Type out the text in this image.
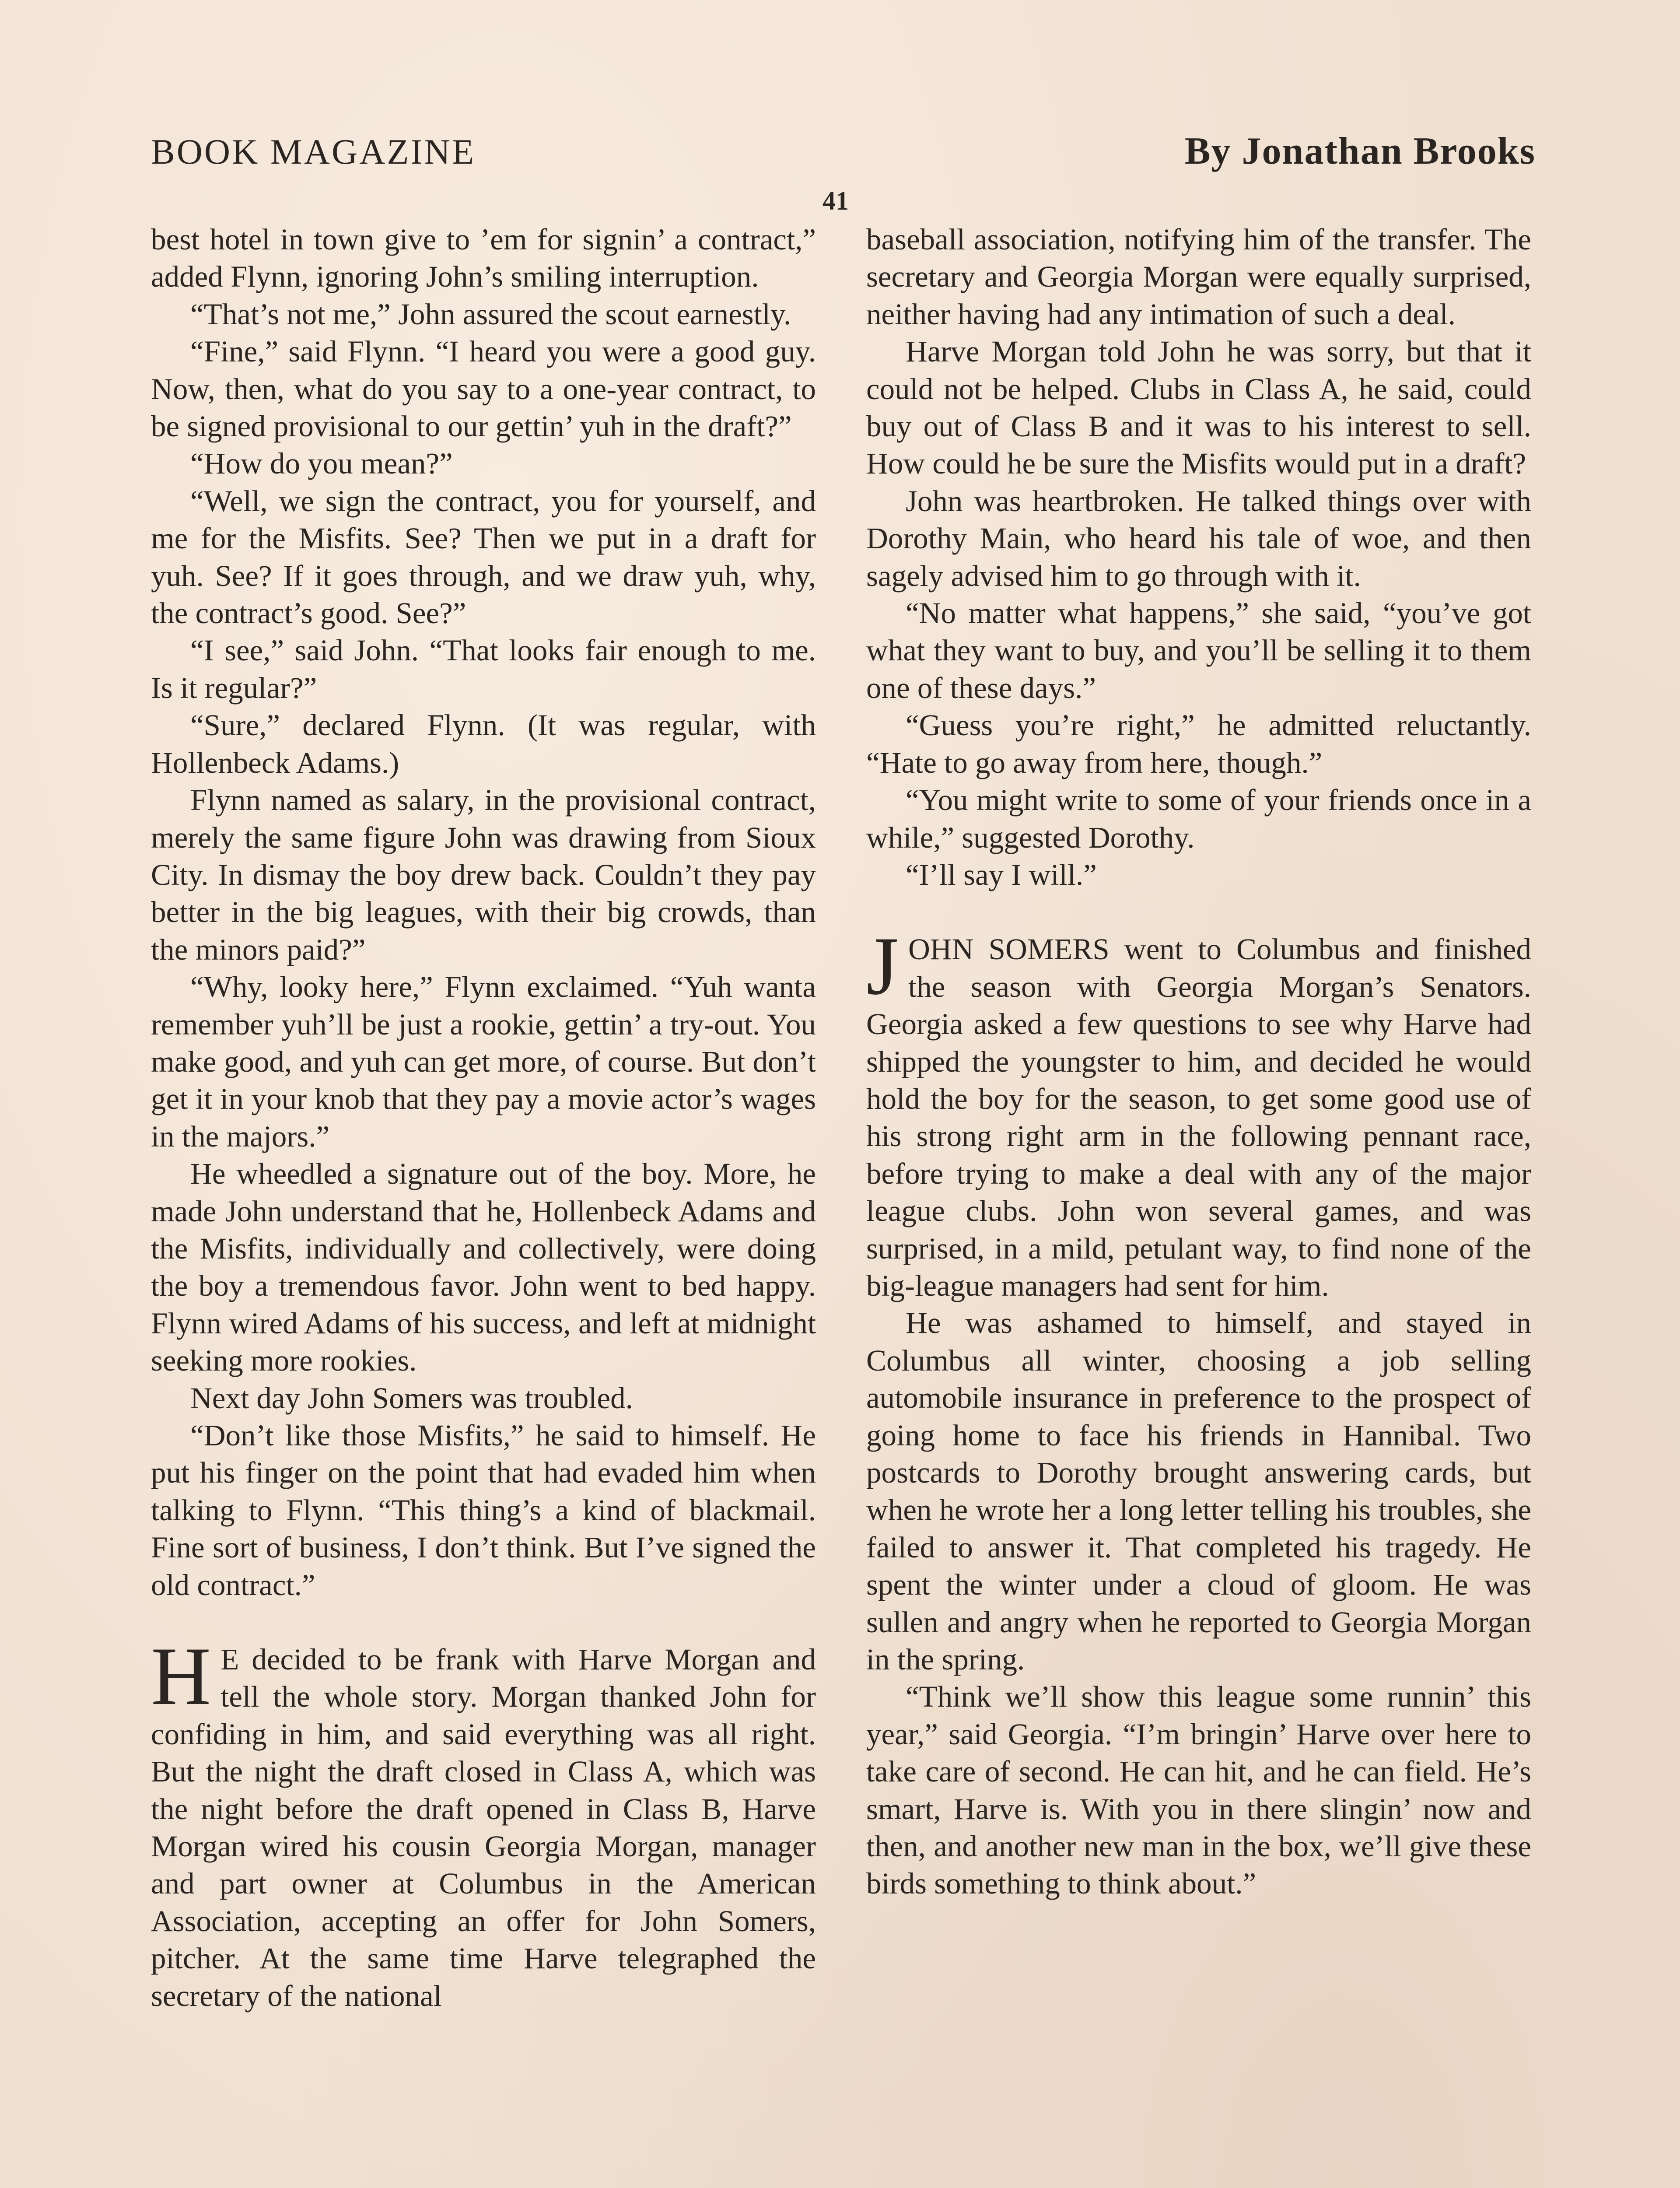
BOOK MAGAZINE	By Jonathan Brooks
41

best hotel in town give to ’em for signin’ a contract,” added Flynn, ignoring John’s smiling interruption.

“That’s not me,” John assured the scout earnestly.

“Fine,” said Flynn. “I heard you were a good guy. Now, then, what do you say to a one-year contract, to be signed provisional to our gettin’ yuh in the draft?”

“How do you mean?”

“Well, we sign the contract, you for yourself, and me for the Misfits. See? Then we put in a draft for yuh. See? If it goes through, and we draw yuh, why, the contract’s good. See?”

“I see,” said John. “That looks fair enough to me. Is it regular?”

“Sure,” declared Flynn. (It was regular, with Hollenbeck Adams.)

Flynn named as salary, in the provisional contract, merely the same figure John was drawing from Sioux City. In dismay the boy drew back. Couldn’t they pay better in the big leagues, with their big crowds, than the minors paid?”

“Why, looky here,” Flynn exclaimed. “Yuh wanta remember yuh’ll be just a rookie, gettin’ a try-out. You make good, and yuh can get more, of course. But don’t get it in your knob that they pay a movie actor’s wages in the majors.”

He wheedled a signature out of the boy. More, he made John understand that he, Hollenbeck Adams and the Misfits, individually and collectively, were doing the boy a tremendous favor. John went to bed happy. Flynn wired Adams of his success, and left at midnight seeking more rookies.

Next day John Somers was troubled.

“Don’t like those Misfits,” he said to himself. He put his finger on the point that had evaded him when talking to Flynn. “This thing’s a kind of blackmail. Fine sort of business, I don’t think. But I’ve signed the old contract.”

H E decided to be frank with Harve Morgan and tell the whole story. Morgan thanked John for confiding in him, and said everything was all right. But the night the draft closed in Class A, which was the night before the draft opened in Class B, Harve Morgan wired his cousin Georgia Morgan, manager and part owner at Columbus in the American Association, accepting an offer for John Somers, pitcher. At the same time Harve telegraphed the secretary of the national

baseball association, notifying him of the transfer. The secretary and Georgia Morgan were equally surprised, neither having had any intimation of such a deal.

Harve Morgan told John he was sorry, but that it could not be helped. Clubs in Class A, he said, could buy out of Class B and it was to his interest to sell. How could he be sure the Misfits would put in a draft?

John was heartbroken. He talked things over with Dorothy Main, who heard his tale of woe, and then sagely advised him to go through with it.

“No matter what happens,” she said, “you’ve got what they want to buy, and you’ll be selling it to them one of these days.”

“Guess you’re right,” he admitted reluctantly. “Hate to go away from here, though.”

“You might write to some of your friends once in a while,” suggested Dorothy.

“I’ll say I will.”

JOHN SOMERS went to Columbus and finished the season with Georgia Morgan’s Senators. Georgia asked a few questions to see why Harve had shipped the youngster to him, and decided he would hold the boy for the season, to get some good use of his strong right arm in the following pennant race, before trying to make a deal with any of the major league clubs. John won several games, and was surprised, in a mild, petulant way, to find none of the big-league managers had sent for him.

He was ashamed to himself, and stayed in Columbus all winter, choosing a job selling automobile insurance in preference to the prospect of going home to face his friends in Hannibal. Two postcards to Dorothy brought answering cards, but when he wrote her a long letter telling his troubles, she failed to answer it. That completed his tragedy. He spent the winter under a cloud of gloom. He was sullen and angry when he reported to Georgia Morgan in the spring.

“Think we’ll show this league some runnin’ this year,” said Georgia. “I’m bringin’ Harve over here to take care of second. He can hit, and he can field. He’s smart, Harve is. With you in there slingin’ now and then, and another new man in the box, we’ll give these birds something to think about.”
